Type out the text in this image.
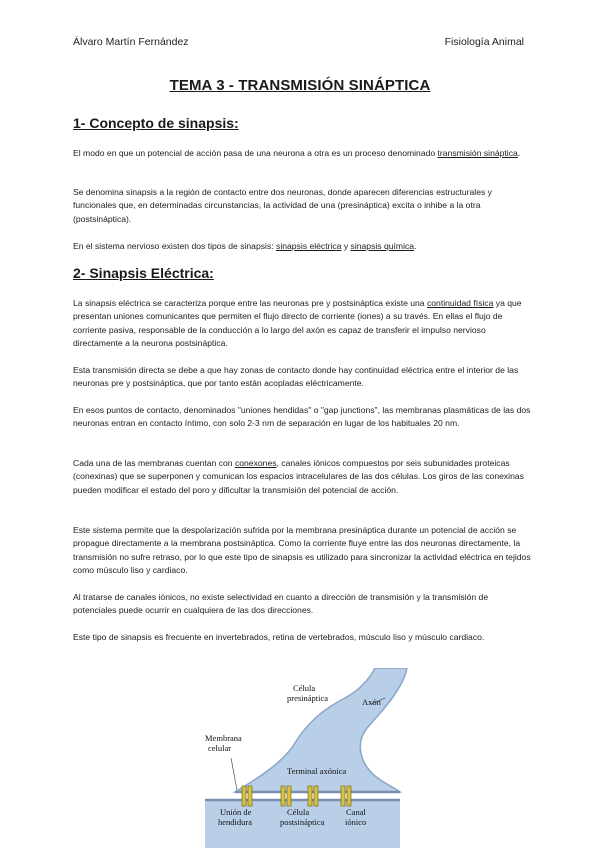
Álvaro Martín Fernández	Fisiología Animal
TEMA 3 - TRANSMISIÓN SINÁPTICA
1- Concepto de sinapsis:

El modo en que un potencial de acción pasa de una neurona a otra es un proceso denominado transmisión sináptica.

Se denomina sinapsis a la región de contacto entre dos neuronas, donde aparecen diferencias estructurales y funcionales que, en determinadas circunstancias, la actividad de una (presináptica) excita o inhibe a la otra (postsináptica).

En el sistema nervioso existen dos tipos de sinapsis: sinapsis eléctrica y sinapsis química.

2- Sinapsis Eléctrica:

La sinapsis eléctrica se caracteriza porque entre las neuronas pre y postsináptica existe una continuidad física ya que presentan uniones comunicantes que permiten el flujo directo de corriente (iones) a su través. En ellas el flujo de corriente pasiva, responsable de la conducción a lo largo del axón es capaz de transferir el impulso nervioso directamente a la neurona postsináptica.

Esta transmisión directa se debe a que hay zonas de contacto donde hay continuidad eléctrica entre el interior de las neuronas pre y postsináptica, que por tanto están acopladas eléctricamente.

En esos puntos de contacto, denominados "uniones hendidas" o "gap junctions", las membranas plasmáticas de las dos neuronas entran en contacto íntimo, con solo 2-3 nm de separación en lugar de los habituales 20 nm.

Cada una de las membranas cuentan con conexones, canales iónicos compuestos por seis subunidades proteicas (conexinas) que se superponen y comunican los espacios intracelulares de las dos células. Los giros de las conexinas pueden modificar el estado del poro y dificultar la transmisión del potencial de acción.

Este sistema permite que la despolarización sufrida por la membrana presináptica durante un potencial de acción se propague directamente a la membrana postsináptica. Como la corriente fluye entre las dos neuronas directamente, la transmisión no sufre retraso, por lo que este tipo de sinapsis es utilizado para sincronizar la actividad eléctrica en tejidos como músculo liso y cardiaco.

Al tratarse de canales iónicos, no existe selectividad en cuanto a dirección de transmisión y la transmisión de potenciales puede ocurrir en cualquiera de las dos direcciones.

Este tipo de sinapsis es frecuente en invertebrados, retina de vertebrados, músculo liso y músculo cardiaco.

Célula
presináptica	Axón
Membrana
celular
Terminal axónica
Unión de
hendidura
Célula
postsináptica
Canal
iónico
